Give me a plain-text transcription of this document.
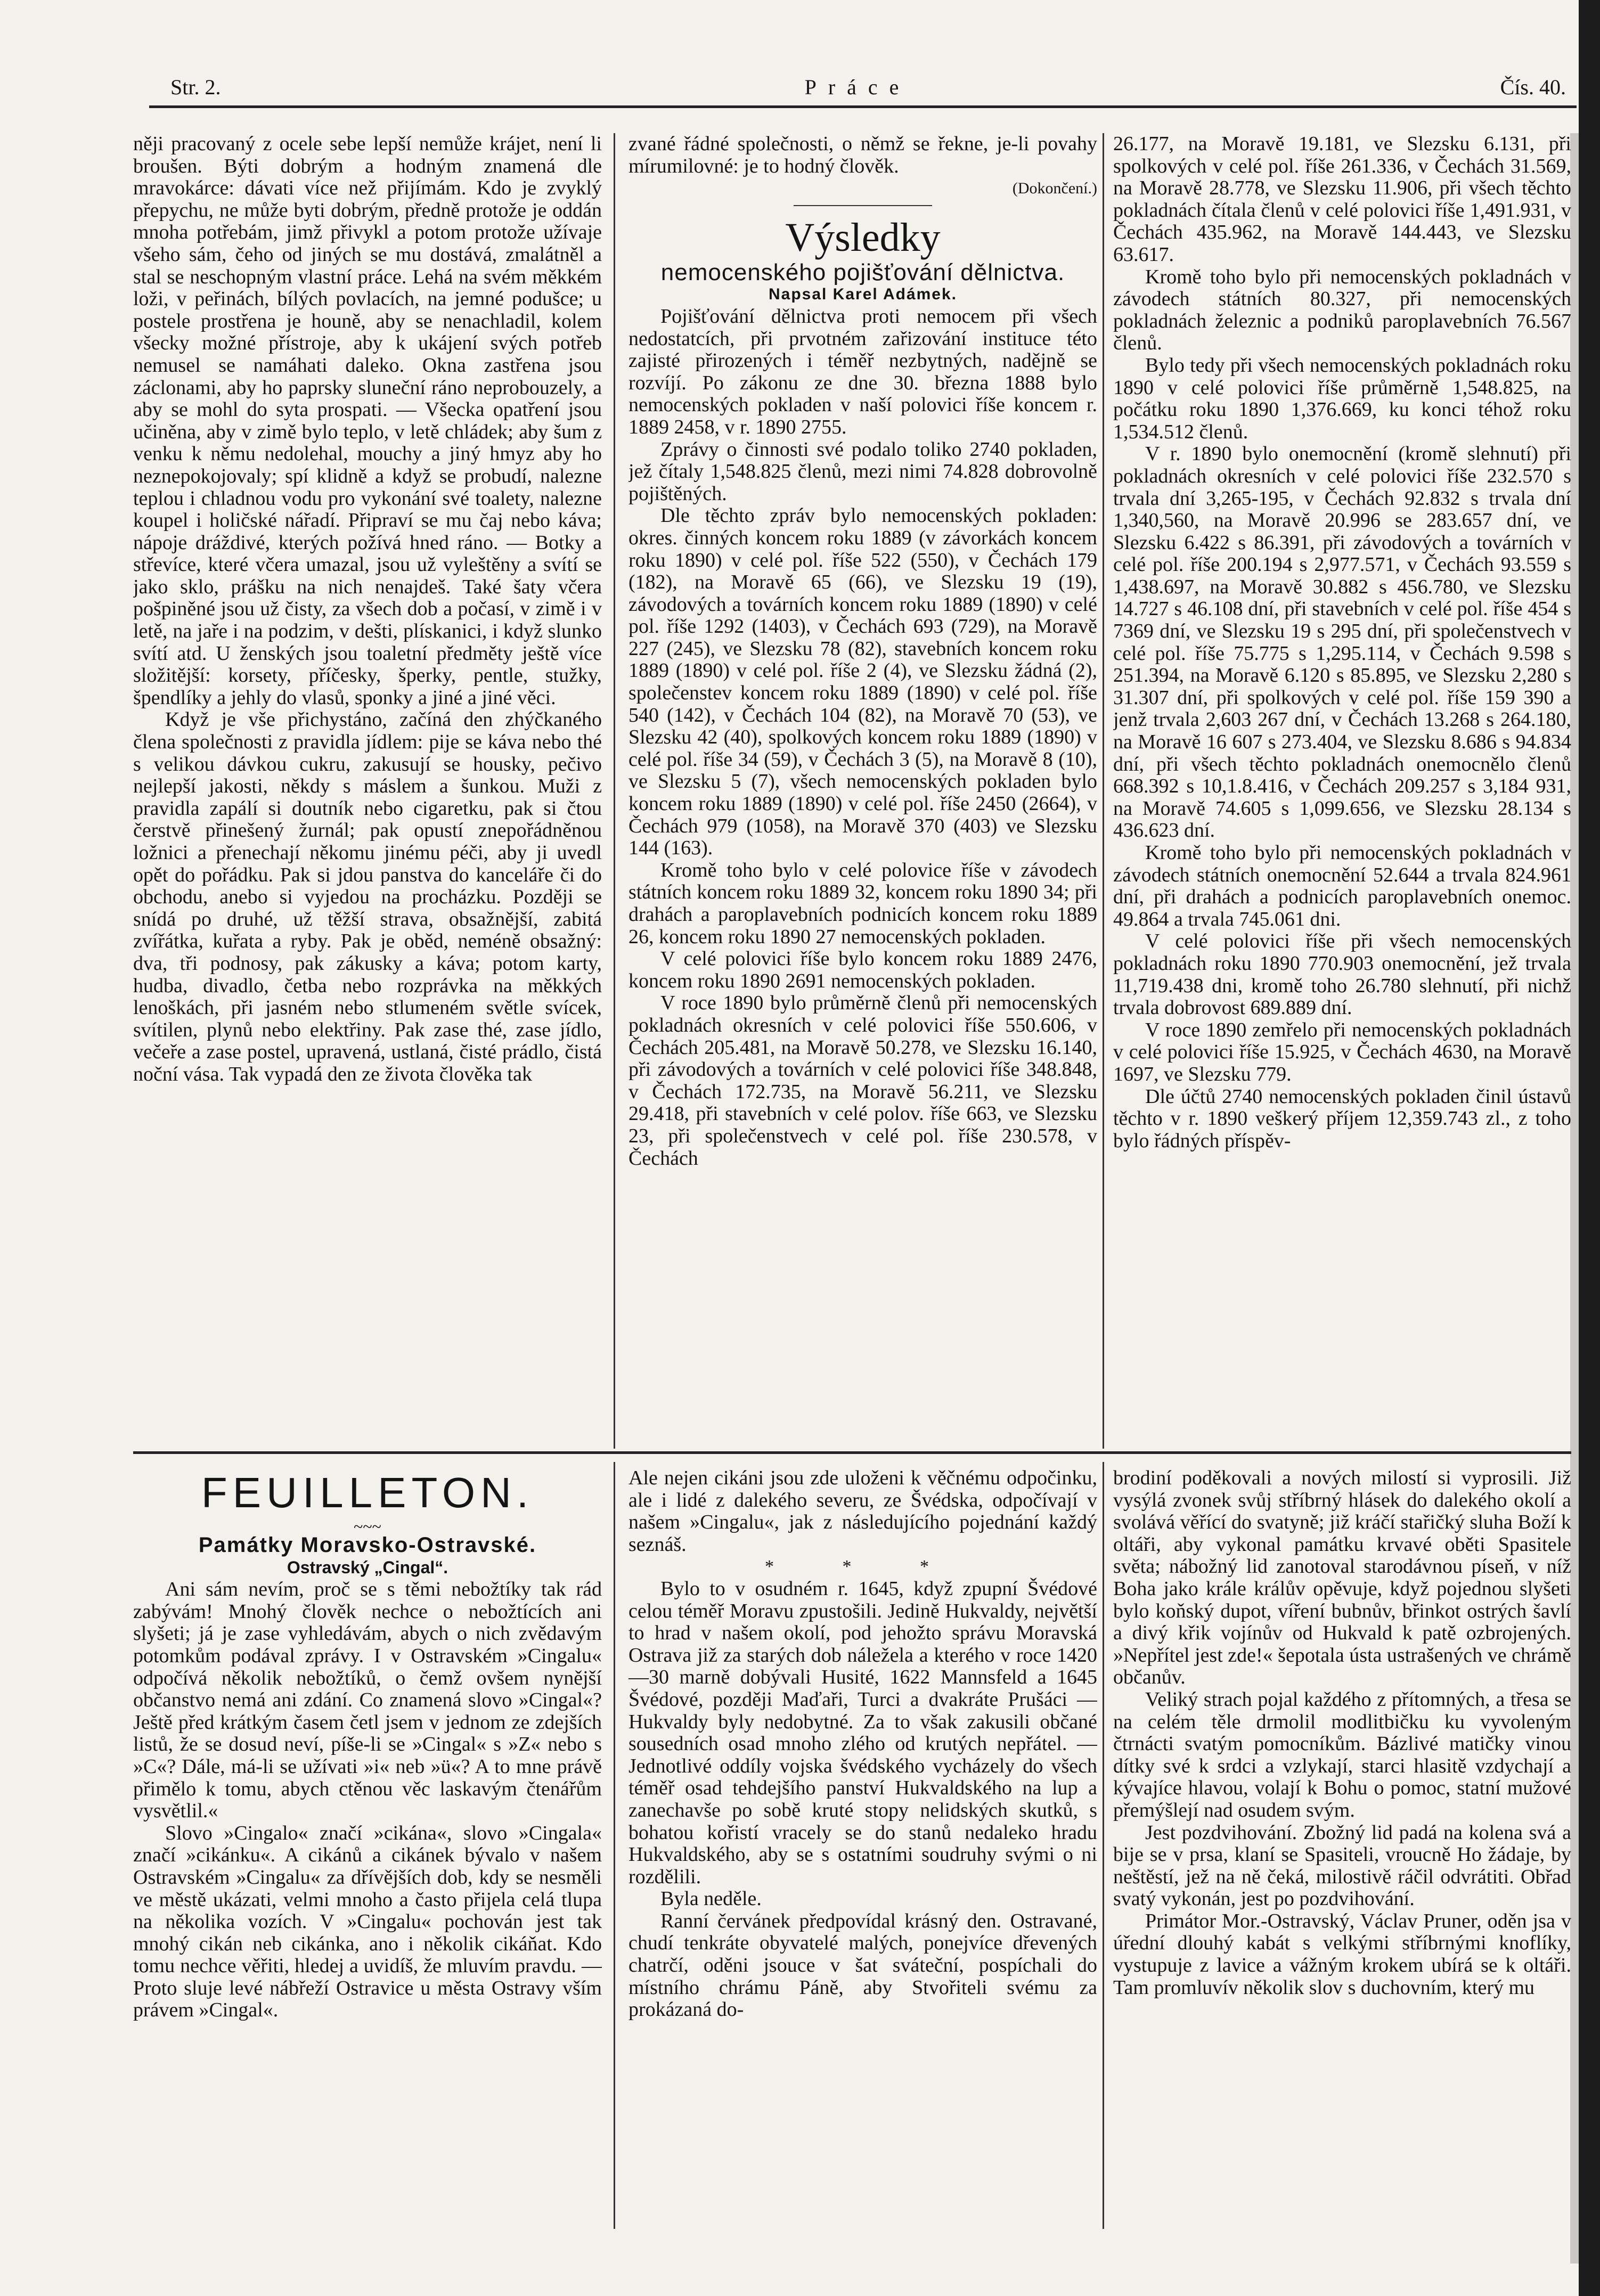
Str. 2.	Práce	Čís. 40.

něji pracovaný z ocele sebe lepší nemůže krájet, není li broušen. Býti dobrým a hodným znamená dle mravokárce: dávati více než přijímám. Kdo je zvyklý přepychu, ne může byti dobrým, předně protože je oddán mnoha potřebám, jimž přivykl a potom protože užívaje všeho sám, čeho od jiných se mu dostává, zmalátněl a stal se neschopným vlastní práce. Lehá na svém měkkém loži, v peřinách, bílých povlacích, na jemné podušce; u postele prostřena je houně, aby se nenachladil, kolem všecky možné přístroje, aby k ukájení svých potřeb nemusel se namáhati daleko. Okna zastřena jsou záclonami, aby ho paprsky sluneční ráno neprobouzely, a aby se mohl do syta prospati. — Všecka opatření jsou učiněna, aby v zimě bylo teplo, v letě chládek; aby šum z venku k němu nedolehal, mouchy a jiný hmyz aby ho neznepokojovaly; spí klidně a když se probudí, nalezne teplou i chladnou vodu pro vykonání své toalety, nalezne koupel i holičské nářadí. Připraví se mu čaj nebo káva; nápoje dráždivé, kterých požívá hned ráno. — Botky a střevíce, které včera umazal, jsou už vyleštěny a svítí se jako sklo, prášku na nich nenajdeš. Také šaty včera pošpiněné jsou už čisty, za všech dob a počasí, v zimě i v letě, na jaře i na podzim, v dešti, plískanici, i když slunko svítí atd. U ženských jsou toaletní předměty ještě více složitější: korsety, příčesky, šperky, pentle, stužky, špendlíky a jehly do vlasů, sponky a jiné a jiné věci.

Když je vše přichystáno, začíná den zhýčkaného člena společnosti z pravidla jídlem: pije se káva nebo thé s velikou dávkou cukru, zakusují se housky, pečivo nejlepší jakosti, někdy s máslem a šunkou. Muži z pravidla zapálí si doutník nebo cigaretku, pak si čtou čerstvě přinešený žurnál; pak opustí znepořádněnou ložnici a přenechají někomu jinému péči, aby ji uvedl opět do pořádku. Pak si jdou panstva do kanceláře či do obchodu, anebo si vyjedou na procházku. Později se snídá po druhé, už těžší strava, obsažnější, zabitá zvířátka, kuřata a ryby. Pak je oběd, neméně obsažný: dva, tři podnosy, pak zákusky a káva; potom karty, hudba, divadlo, četba nebo rozprávka na měkkých lenoškách, při jasném nebo stlumeném světle svícek, svítilen, plynů nebo elektřiny. Pak zase thé, zase jídlo, večeře a zase postel, upravená, ustlaná, čisté prádlo, čistá noční vása. Tak vypadá den ze života člověka tak

zvané řádné společnosti, o němž se řekne, je-li povahy mírumilovné: je to hodný člověk.

(Dokončení.)

Výsledky

nemocenského pojišťování dělnictva.

Napsal Karel Adámek.

Pojišťování dělnictva proti nemocem při všech nedostatcích, při prvotném zařizování instituce této zajisté přirozených i téměř nezbytných, nadějně se rozvíjí. Po zákonu ze dne 30. března 1888 bylo nemocenských pokladen v naší polovici říše koncem r. 1889 2458, v r. 1890 2755.

Zprávy o činnosti své podalo toliko 2740 pokladen, jež čítaly 1,548.825 členů, mezi nimi 74.828 dobrovolně pojištěných.

Dle těchto zpráv bylo nemocenských pokladen: okres. činných koncem roku 1889 (v závorkách koncem roku 1890) v celé pol. říše 522 (550), v Čechách 179 (182), na Moravě 65 (66), ve Slezsku 19 (19), závodových a továrních koncem roku 1889 (1890) v celé pol. říše 1292 (1403), v Čechách 693 (729), na Moravě 227 (245), ve Slezsku 78 (82), stavebních koncem roku 1889 (1890) v celé pol. říše 2 (4), ve Slezsku žádná (2), společenstev koncem roku 1889 (1890) v celé pol. říše 540 (142), v Čechách 104 (82), na Moravě 70 (53), ve Slezsku 42 (40), spolkových koncem roku 1889 (1890) v celé pol. říše 34 (59), v Čechách 3 (5), na Moravě 8 (10), ve Slezsku 5 (7), všech nemocenských pokladen bylo koncem roku 1889 (1890) v celé pol. říše 2450 (2664), v Čechách 979 (1058), na Moravě 370 (403) ve Slezsku 144 (163).

Kromě toho bylo v celé polovice říše v závodech státních koncem roku 1889 32, koncem roku 1890 34; při drahách a paroplavebních podnicích koncem roku 1889 26, koncem roku 1890 27 nemocenských pokladen.

V celé polovici říše bylo koncem roku 1889 2476, koncem roku 1890 2691 nemocenských pokladen.

V roce 1890 bylo průměrně členů při nemocenských pokladnách okresních v celé polovici říše 550.606, v Čechách 205.481, na Moravě 50.278, ve Slezsku 16.140, při závodových a továrních v celé polovici říše 348.848, v Čechách 172.735, na Moravě 56.211, ve Slezsku 29.418, při stavebních v celé polov. říše 663, ve Slezsku 23, při společenstvech v celé pol. říše 230.578, v Čechách

26.177, na Moravě 19.181, ve Slezsku 6.131, při spolkových v celé pol. říše 261.336, v Čechách 31.569, na Moravě 28.778, ve Slezsku 11.906, při všech těchto pokladnách čítala členů v celé polovici říše 1,491.931, v Čechách 435.962, na Moravě 144.443, ve Slezsku 63.617.

Kromě toho bylo při nemocenských pokladnách v závodech státních 80.327, při nemocenských pokladnách železnic a podniků paroplavebních 76.567 členů.

Bylo tedy při všech nemocenských pokladnách roku 1890 v celé polovici říše průměrně 1,548.825, na počátku roku 1890 1,376.669, ku konci téhož roku 1,534.512 členů.

V r. 1890 bylo onemocnění (kromě slehnutí) při pokladnách okresních v celé polovici říše 232.570 s trvala dní 3,265-195, v Čechách 92.832 s trvala dní 1,340,560, na Moravě 20.996 se 283.657 dní, ve Slezsku 6.422 s 86.391, při závodových a továrních v celé pol. říše 200.194 s 2,977.571, v Čechách 93.559 s 1,438.697, na Moravě 30.882 s 456.780, ve Slezsku 14.727 s 46.108 dní, při stavebních v celé pol. říše 454 s 7369 dní, ve Slezsku 19 s 295 dní, při společenstvech v celé pol. říše 75.775 s 1,295.114, v Čechách 9.598 s 251.394, na Moravě 6.120 s 85.895, ve Slezsku 2,280 s 31.307 dní, při spolkových v celé pol. říše 159 390 a jenž trvala 2,603 267 dní, v Čechách 13.268 s 264.180, na Moravě 16 607 s 273.404, ve Slezsku 8.686 s 94.834 dní, při všech těchto pokladnách onemocnělo členů 668.392 s 10,1.8.416, v Čechách 209.257 s 3,184 931, na Moravě 74.605 s 1,099.656, ve Slezsku 28.134 s 436.623 dní.

Kromě toho bylo při nemocenských pokladnách v závodech státních onemocnění 52.644 a trvala 824.961 dní, při drahách a podnicích paroplavebních onemoc. 49.864 a trvala 745.061 dni.

V celé polovici říše při všech nemocenských pokladnách roku 1890 770.903 onemocnění, jež trvala 11,719.438 dni, kromě toho 26.780 slehnutí, při nichž trvala dobrovost 689.889 dní.

V roce 1890 zemřelo při nemocenských pokladnách v celé polovici říše 15.925, v Čechách 4630, na Moravě 1697, ve Slezsku 779.

Dle účtů 2740 nemocenských pokladen činil ústavů těchto v r. 1890 veškerý příjem 12,359.743 zl., z toho bylo řádných příspěv-

FEUILLETON.

~~~

Památky Moravsko-Ostravské.

Ostravský „Cingal“.

Ani sám nevím, proč se s těmi nebožtíky tak rád zabývám! Mnohý člověk nechce o nebožtících ani slyšeti; já je zase vyhledávám, abych o nich zvědavým potomkům podával zprávy. I v Ostravském »Cingalu« odpočívá několik nebožtíků, o čemž ovšem nynější občanstvo nemá ani zdání. Co znamená slovo »Cingal«? Ještě před krátkým časem četl jsem v jednom ze zdejších listů, že se dosud neví, píše-li se »Cingal« s »Z« nebo s »C«? Dále, má-li se užívati »i« neb »ü«? A to mne právě přimělo k tomu, abych ctěnou věc laskavým čtenářům vysvětlil.«

Slovo »Cingalo« značí »cikána«, slovo »Cingala« značí »cikánku«. A cikánů a cikánek bývalo v našem Ostravském »Cingalu« za dřívějších dob, kdy se nesměli ve městě ukázati, velmi mnoho a často přijela celá tlupa na několika vozích. V »Cingalu« pochován jest tak mnohý cikán neb cikánka, ano i několik cikáňat. Kdo tomu nechce věřiti, hledej a uvidíš, že mluvím pravdu. — Proto sluje levé nábřeží Ostravice u města Ostravy vším právem »Cingal«.

Ale nejen cikáni jsou zde uloženi k věčnému odpočinku, ale i lidé z dalekého severu, ze Švédska, odpočívají v našem »Cingalu«, jak z následujícího pojednání každý seznáš.

* * *

Bylo to v osudném r. 1645, když zpupní Švédové celou téměř Moravu zpustošili. Jedině Hukvaldy, největší to hrad v našem okolí, pod jehožto správu Moravská Ostrava již za starých dob náležela a kterého v roce 1420—30 marně dobývali Husité, 1622 Mannsfeld a 1645 Švédové, později Maďaři, Turci a dvakráte Prušáci — Hukvaldy byly nedobytné. Za to však zakusili občané sousedních osad mnoho zlého od krutých nepřátel. — Jednotlivé oddíly vojska švédského vycházely do všech téměř osad tehdejšího panství Hukvaldského na lup a zanechavše po sobě kruté stopy nelidských skutků, s bohatou kořistí vracely se do stanů nedaleko hradu Hukvaldského, aby se s ostatními soudruhy svými o ni rozdělili.

Byla neděle.

Ranní červánek předpovídal krásný den. Ostravané, chudí tenkráte obyvatelé malých, ponejvíce dřevených chatrčí, oděni jsouce v šat sváteční, pospíchali do místního chrámu Páně, aby Stvořiteli svému za prokázaná do-

brodiní poděkovali a nových milostí si vyprosili. Již vysýlá zvonek svůj stříbrný hlásek do dalekého okolí a svolává věřící do svatyně; již kráčí stařičký sluha Boží k oltáři, aby vykonal památku krvavé oběti Spasitele světa; nábožný lid zanotoval starodávnou píseň, v níž Boha jako krále králův opěvuje, když pojednou slyšeti bylo koňský dupot, víření bubnův, břinkot ostrých šavlí a divý křik vojínův od Hukvald k patě ozbrojených. »Nepřítel jest zde!« šepotala ústa ustrašených ve chrámě občanův.

Veliký strach pojal každého z přítomných, a třesa se na celém těle drmolil modlitbičku ku vyvoleným čtrnácti svatým pomocníkům. Bázlivé matičky vinou dítky své k srdci a vzlykají, starci hlasitě vzdychají a kývajíce hlavou, volají k Bohu o pomoc, statní mužové přemýšlejí nad osudem svým.

Jest pozdvihování. Zbožný lid padá na kolena svá a bije se v prsa, klaní se Spasiteli, vroucně Ho žádaje, by neštěstí, jež na ně čeká, milostivě ráčil odvrátiti. Obřad svatý vykonán, jest po pozdvihování.

Primátor Mor.-Ostravský, Václav Pruner, oděn jsa v úřední dlouhý kabát s velkými stříbrnými knoflíky, vystupuje z lavice a vážným krokem ubírá se k oltáři. Tam promluvív několik slov s duchovním, který mu
